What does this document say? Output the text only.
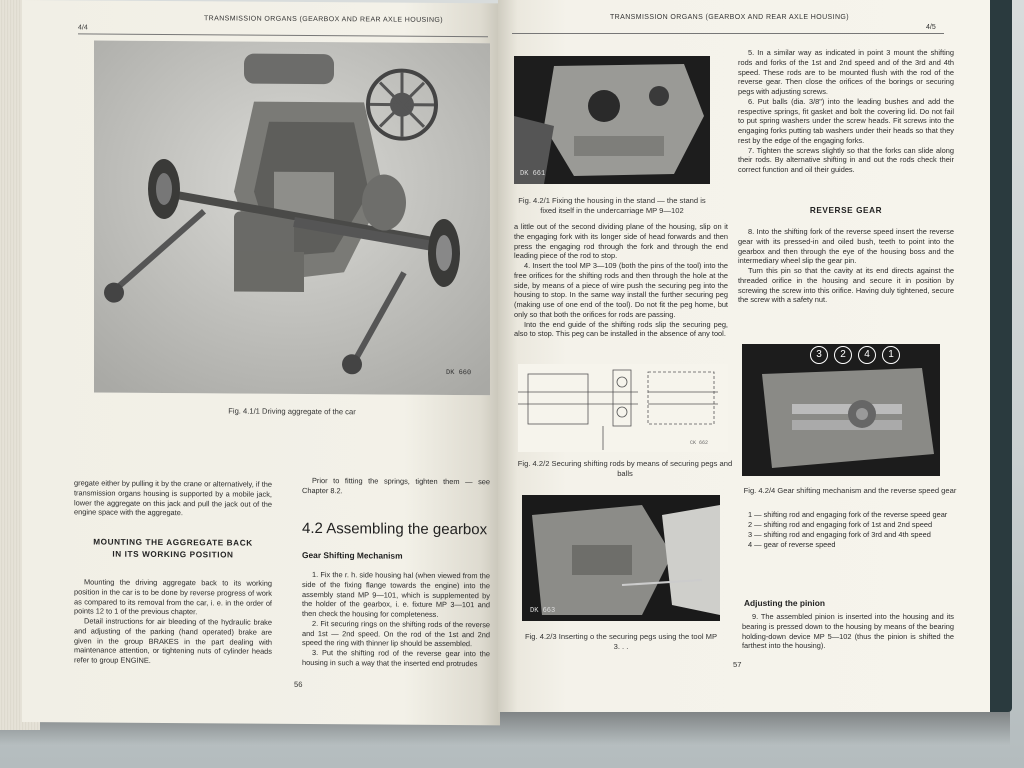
TRANSMISSION ORGANS (GEARBOX AND REAR AXLE HOUSING)
4/4
DK 660
Fig. 4.1/1 Driving aggregate of the car

gregate either by pulling it by the crane or alternatively, if the transmission organs housing is supported by a mobile jack, lower the aggregate on this jack and pull the jack out of the engine space with the aggregate.

MOUNTING THE AGGREGATE BACK
IN ITS WORKING POSITION

Mounting the driving aggregate back to its working position in the car is to be done by reverse progress of work as compared to its removal from the car, i. e. in the order of points 12 to 1 of the previous chapter.

Detail instructions for air bleeding of the hydraulic brake and adjusting of the parking (hand operated) brake are given in the group BRAKES in the part dealing with maintenance attention, or tightening nuts of cylinder heads refer to group ENGINE.

Prior to fitting the springs, tighten them — see Chapter 8.2.

4.2 Assembling the gearbox
Gear Shifting Mechanism

1. Fix the r. h. side housing hal (when viewed from the side of the fixing flange towards the engine) into the assembly stand MP 9—101, which is supplemented by the holder of the gearbox, i. e. fixture MP 3—101 and then check the housing for completeness.

2. Fit securing rings on the shifting rods of the reverse and 1st — 2nd speed. On the rod of the 1st and 2nd speed the ring with thinner lip should be assembled.

3. Put the shifting rod of the reverse gear into the housing in such a way that the inserted end protrudes

56
TRANSMISSION ORGANS (GEARBOX AND REAR AXLE HOUSING)
4/5
DK 661
Fig. 4.2/1 Fixing the housing in the stand — the stand is fixed itself in the undercarriage MP 9—102

a little out of the second dividing plane of the housing, slip on it the engaging fork with its longer side of head forwards and then press the engaging rod through the fork and through the end leading piece of the rod to stop.

4. Insert the tool MP 3—109 (both the pins of the tool) into the free orifices for the shifting rods and then through the hole at the side, by means of a piece of wire push the securing peg into the housing to stop. In the same way install the further securing peg (making use of one end of the tool). Do not fit the peg home, but only so that both the orifices for rods are passing.

Into the end guide of the shifting rods slip the securing peg, also to stop. This peg can be installed in the absence of any tool.

CK 662
Fig. 4.2/2 Securing shifting rods by means of securing pegs and balls
DK 663
Fig. 4.2/3 Inserting o the securing pegs using the tool MP 3. . .

5. In a similar way as indicated in point 3 mount the shifting rods and forks of the 1st and 2nd speed and of the 3rd and 4th speed. These rods are to be mounted flush with the rod of the reverse gear. Then close the orifices of the borings or securing pegs with adjusting screws.

6. Put balls (dia. 3/8") into the leading bushes and add the respective springs, fit gasket and bolt the covering lid. Do not fail to put spring washers under the screw heads. Fit screws into the engaging forks putting tab washers under their heads so that they rest by the edge of the engaging forks.

7. Tighten the screws slightly so that the forks can slide along their rods. By alternative shifting in and out the rods check their correct function and oil their guides.

REVERSE GEAR

8. Into the shifting fork of the reverse speed insert the reverse gear with its pressed-in and oiled bush, teeth to point into the gearbox and then through the eye of the housing boss and the intermediary wheel slip the gear pin.

Turn this pin so that the cavity at its end directs against the threaded orifice in the housing and secure it in position by screwing the screw into this orifice. Having duly tightened, secure the screw with a safety nut.

3	2	4	1
Fig. 4.2/4 Gear shifting mechanism and the reverse speed gear
1 — shifting rod and engaging fork of the reverse speed gear
2 — shifting rod and engaging fork of 1st and 2nd speed
3 — shifting rod and engaging fork of 3rd and 4th speed
4 — gear of reverse speed
Adjusting the pinion

9. The assembled pinion is inserted into the housing and its bearing is pressed down to the housing by means of the bearing holding-down device MP 5—102 (thus the pinion is shifted the farthest into the housing).

57
